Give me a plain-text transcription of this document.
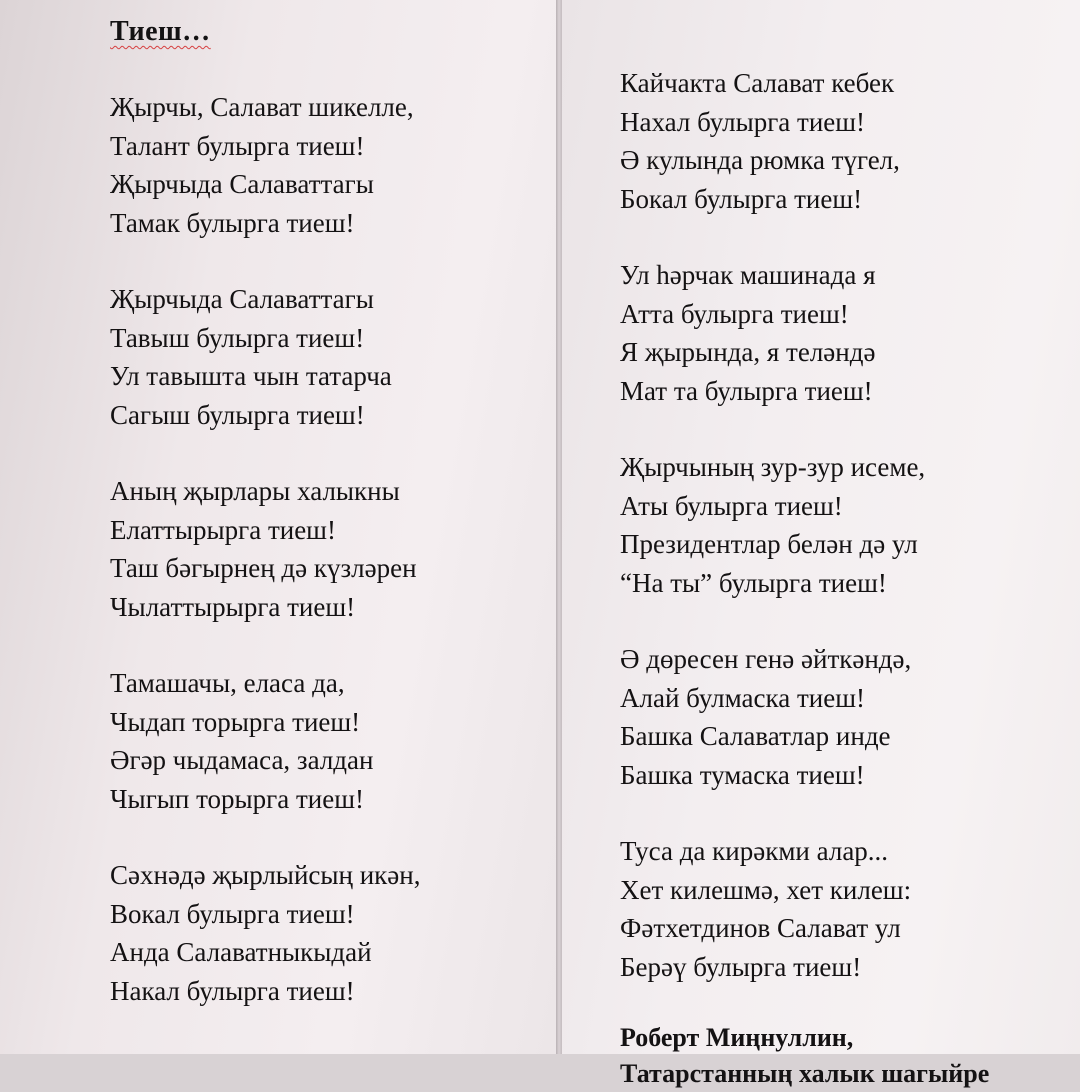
Тиеш…
Җырчы, Салават шикелле,
Талант булырга тиеш!
Җырчыда Салаваттагы
Тамак булырга тиеш!
Җырчыда Салаваттагы
Тавыш булырга тиеш!
Ул тавышта чын татарча
Сагыш булырга тиеш!
Аның җырлары халыкны
Елаттырырга тиеш!
Таш бәгырнең дә күзләрен
Чылаттырырга тиеш!
Тамашачы, еласа да,
Чыдап торырга тиеш!
Әгәр чыдамаса, залдан
Чыгып торырга тиеш!
Сәхнәдә җырлыйсың икән,
Вокал булырга тиеш!
Анда Салаватныкыдай
Накал булырга тиеш!
Кайчакта Салават кебек
Нахал булырга тиеш!
Ә кулында рюмка түгел,
Бокал булырга тиеш!
Ул һәрчак машинада я
Атта булырга тиеш!
Я җырында, я теләндә
Мат та булырга тиеш!
Җырчының зур-зур исеме,
Аты булырга тиеш!
Президентлар белән дә ул
“На ты” булырга тиеш!
Ә дөресен генә әйткәндә,
Алай булмаска тиеш!
Башка Салаватлар инде
Башка тумаска тиеш!
Туса да кирәкми алар...
Хет килешмә, хет килеш:
Фәтхетдинов Салават ул
Берәү булырга тиеш!
Роберт Миңнуллин,
Татарстанның халык шагыйре
